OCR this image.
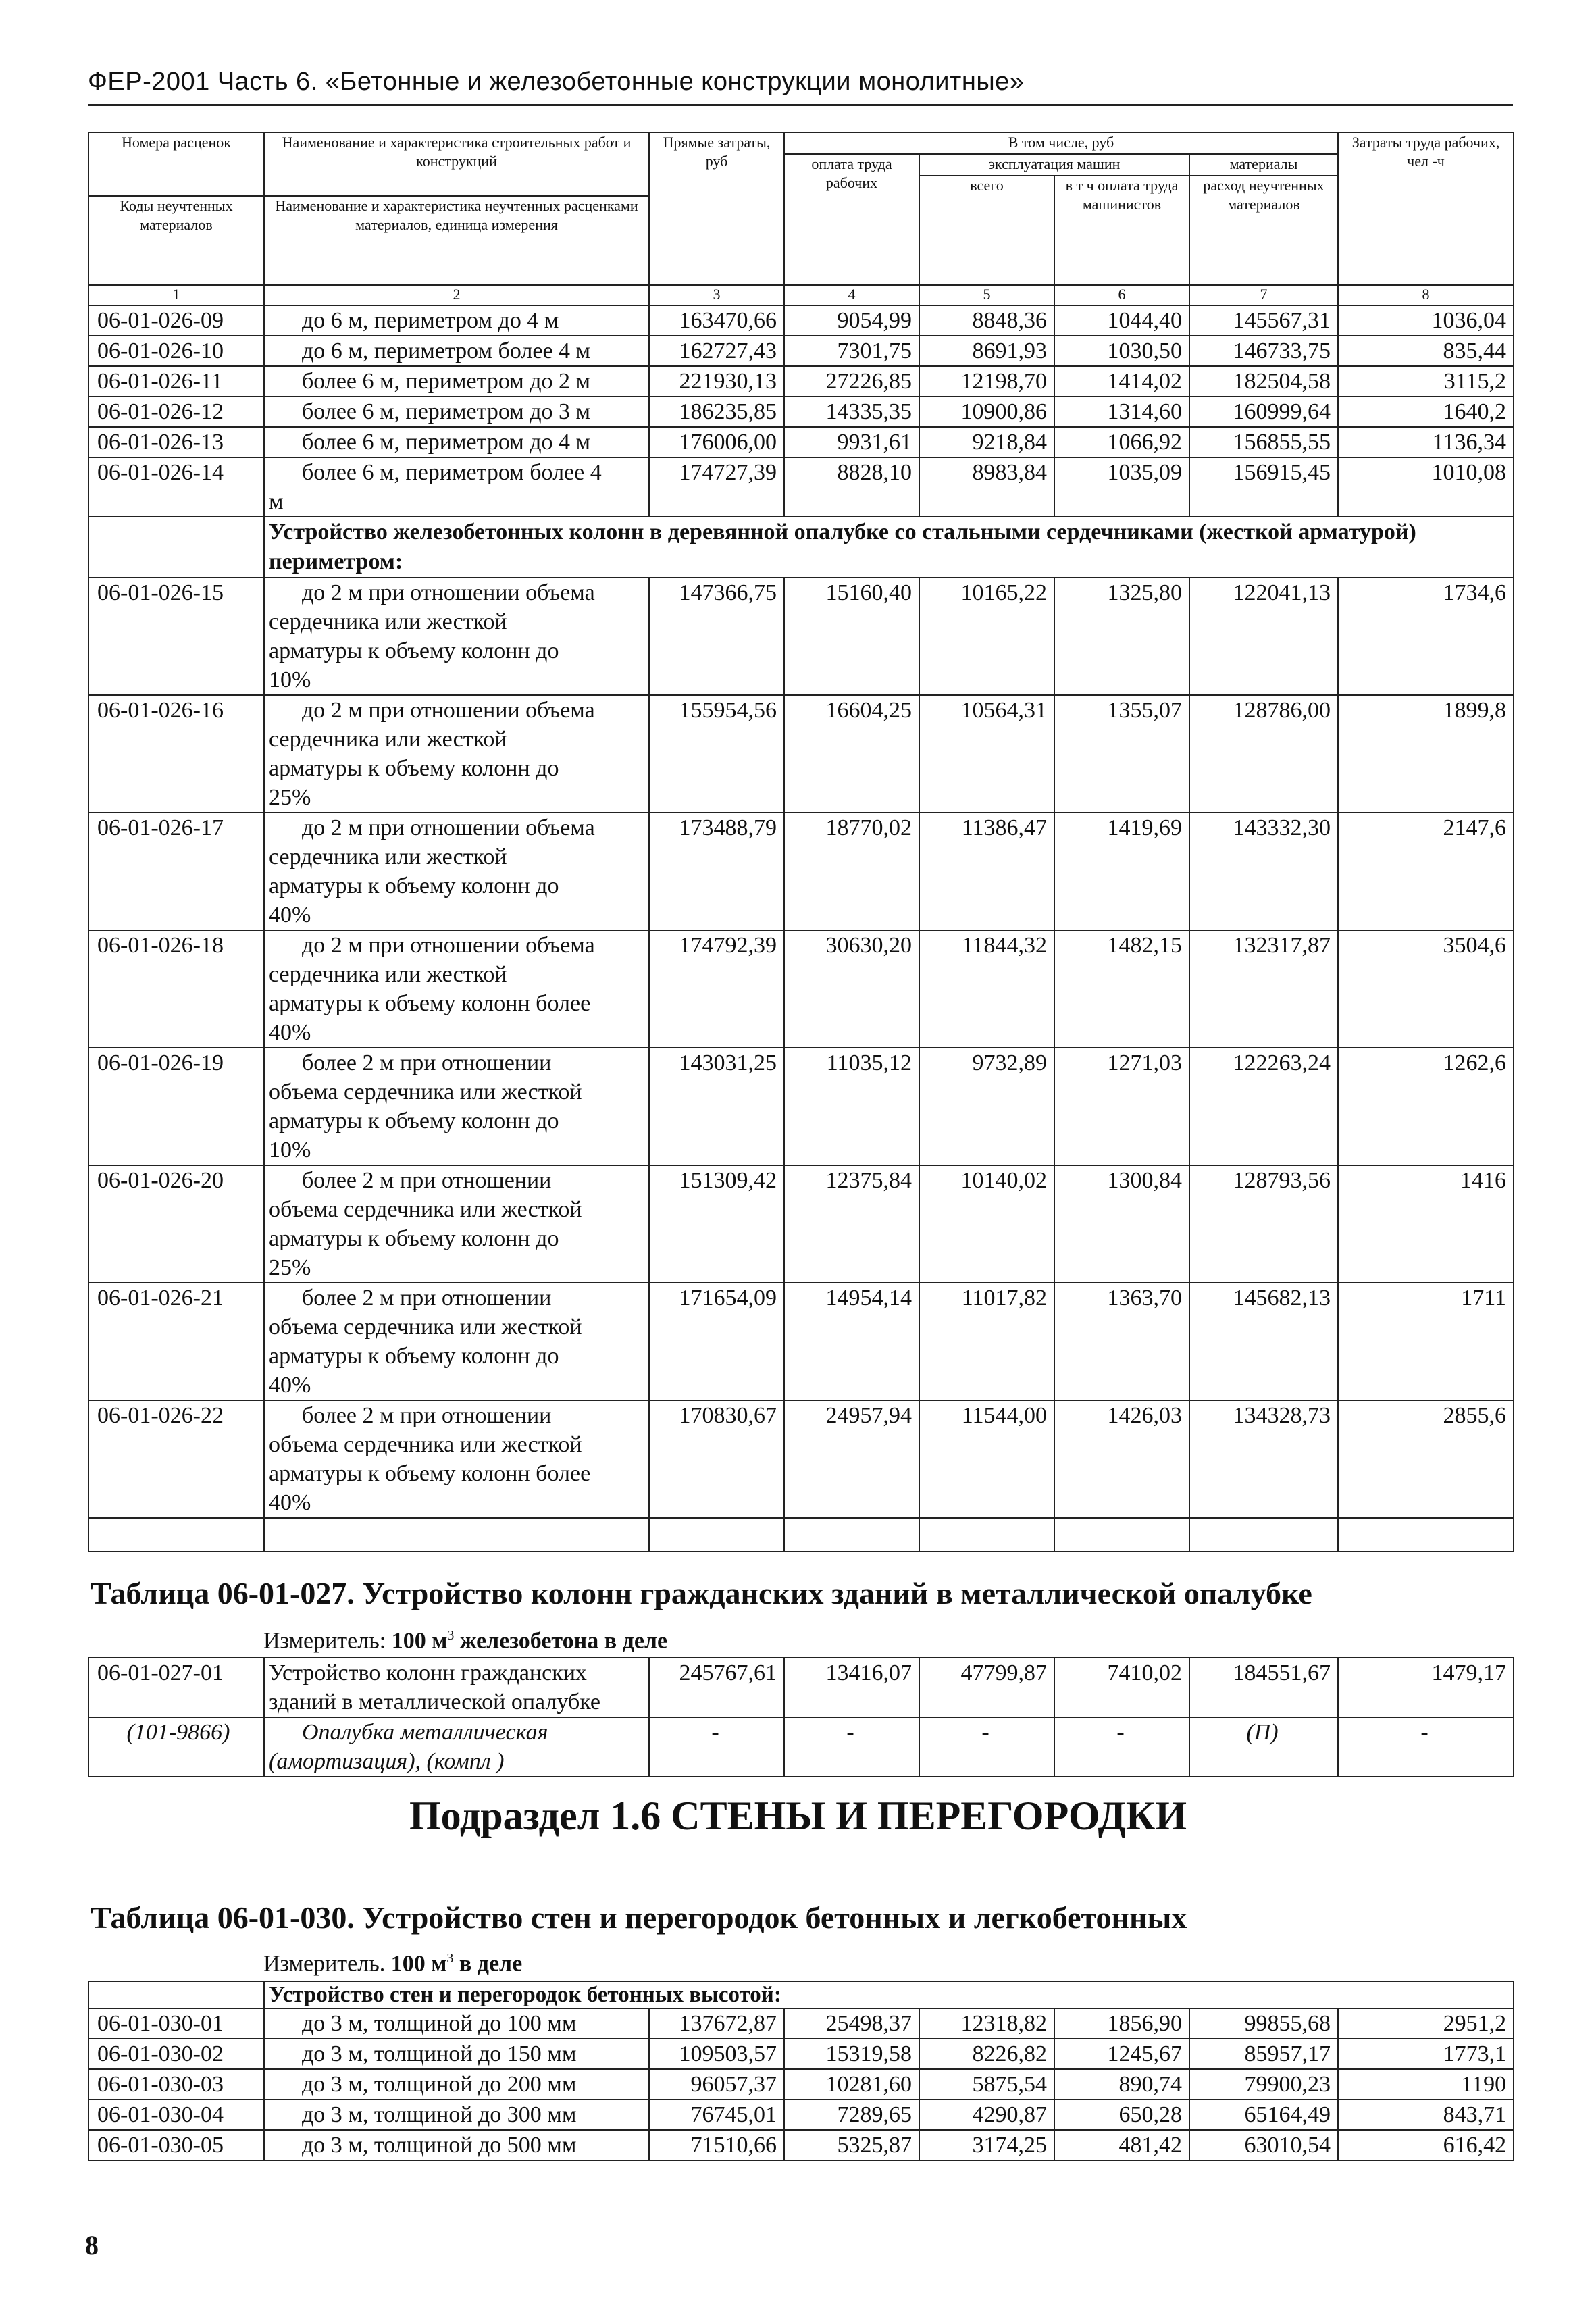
ФЕР-2001 Часть 6. «Бетонные и железобетонные конструкции монолитные»
Номера расценок	Наименование и характеристика строительных работ и конструкций	Прямые затраты, руб	В том числе, руб				Затраты труда рабочих, чел -ч
			оплата труда рабочих	эксплуатация машин		материалы	
				всего	в т ч оплата труда машинистов	расход неучтенных материалов	
Коды неучтенных материалов	Наименование и характеристика неучтенных расценками материалов, единица измерения						

1	2	3	4	5	6	7	8
06-01-026-09	до 6 м, периметром до 4 м	163470,66	9054,99	8848,36	1044,40	145567,31	1036,04
06-01-026-10	до 6 м, периметром более 4 м	162727,43	7301,75	8691,93	1030,50	146733,75	835,44
06-01-026-11	более 6 м, периметром до 2 м	221930,13	27226,85	12198,70	1414,02	182504,58	3115,2
06-01-026-12	более 6 м, периметром до 3 м	186235,85	14335,35	10900,86	1314,60	160999,64	1640,2
06-01-026-13	более 6 м, периметром до 4 м	176006,00	9931,61	9218,84	1066,92	156855,55	1136,34
06-01-026-14	более 6 м, периметром более 4
м	174727,39	8828,10	8983,84	1035,09	156915,45	1010,08
	Устройство железобетонных колонн в деревянной опалубке со стальными сердечниками (жесткой арматурой) периметром:						
06-01-026-15	до 2 м при отношении объема
сердечника или жесткой
арматуры к объему колонн до
10%	147366,75	15160,40	10165,22	1325,80	122041,13	1734,6
06-01-026-16	до 2 м при отношении объема
сердечника или жесткой
арматуры к объему колонн до
25%	155954,56	16604,25	10564,31	1355,07	128786,00	1899,8
06-01-026-17	до 2 м при отношении объема
сердечника или жесткой
арматуры к объему колонн до
40%	173488,79	18770,02	11386,47	1419,69	143332,30	2147,6
06-01-026-18	до 2 м при отношении объема
сердечника или жесткой
арматуры к объему колонн более
40%	174792,39	30630,20	11844,32	1482,15	132317,87	3504,6
06-01-026-19	более 2 м при отношении
объема сердечника или жесткой
арматуры к объему колонн до
10%	143031,25	11035,12	9732,89	1271,03	122263,24	1262,6
06-01-026-20	более 2 м при отношении
объема сердечника или жесткой
арматуры к объему колонн до
25%	151309,42	12375,84	10140,02	1300,84	128793,56	1416
06-01-026-21	более 2 м при отношении
объема сердечника или жесткой
арматуры к объему колонн до
40%	171654,09	14954,14	11017,82	1363,70	145682,13	1711
06-01-026-22	более 2 м при отношении
объема сердечника или жесткой
арматуры к объему колонн более
40%	170830,67	24957,94	11544,00	1426,03	134328,73	2855,6

Таблица 06-01-027. Устройство колонн гражданских зданий в металлической опалубке
Измеритель: 100 $м^3$ железобетона в деле
06-01-027-01	Устройство колонн гражданских
зданий в металлической опалубке	245767,61	13416,07	47799,87	7410,02	184551,67	1479,17
(101-9866)	Опалубка металлическая
(амортизация), (компл )	-	-	-	-	(П)	-
Подраздел 1.6 СТЕНЫ И ПЕРЕГОРОДКИ
Таблица 06-01-030. Устройство стен и перегородок бетонных и легкобетонных
Измеритель. 100 $м^3$ в деле
	Устройство стен и перегородок бетонных высотой:						
06-01-030-01	до 3 м, толщиной до 100 мм	137672,87	25498,37	12318,82	1856,90	99855,68	2951,2
06-01-030-02	до 3 м, толщиной до 150 мм	109503,57	15319,58	8226,82	1245,67	85957,17	1773,1
06-01-030-03	до 3 м, толщиной до 200 мм	96057,37	10281,60	5875,54	890,74	79900,23	1190
06-01-030-04	до 3 м, толщиной до 300 мм	76745,01	7289,65	4290,87	650,28	65164,49	843,71
06-01-030-05	до 3 м, толщиной до 500 мм	71510,66	5325,87	3174,25	481,42	63010,54	616,42
8
